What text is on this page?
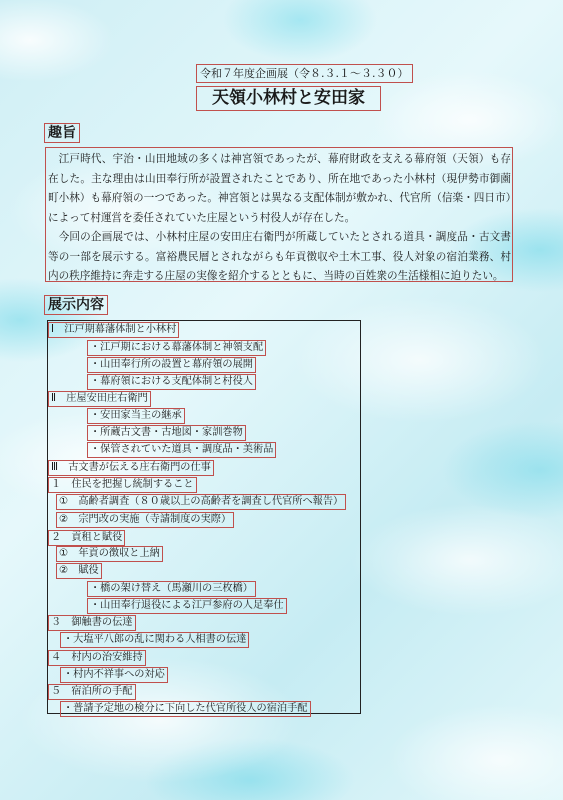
令和７年度企画展（令８.３.１～３.３０）
天領小林村と安田家
趣旨

江戸時代、宇治・山田地域の多くは神宮領であったが、幕府財政を支える幕府領（天領）も存在した。主な理由は山田奉行所が設置されたことであり、所在地であった小林村（現伊勢市御薗町小林）も幕府領の一つであった。神宮領とは異なる支配体制が敷かれ、代官所（信楽・四日市）によって村運営を委任されていた庄屋という村役人が存在した。

今回の企画展では、小林村庄屋の安田庄右衛門が所蔵していたとされる道具・調度品・古文書等の一部を展示する。富裕農民層とされながらも年貢徴収や土木工事、役人対象の宿泊業務、村内の秩序維持に奔走する庄屋の実像を紹介するとともに、当時の百姓衆の生活様相に迫りたい。

展示内容
Ⅰ　江戸期幕藩体制と小林村
・江戸期における幕藩体制と神領支配
・山田奉行所の設置と幕府領の展開
・幕府領における支配体制と村役人
Ⅱ　庄屋安田庄右衛門
・安田家当主の継承
・所蔵古文書・古地図・家訓巻物
・保管されていた道具・調度品・美術品
Ⅲ　古文書が伝える庄右衛門の仕事
１　住民を把握し統制すること
①　高齢者調査（８０歳以上の高齢者を調査し代官所へ報告）
②　宗門改の実施（寺請制度の実際）
２　貢租と賦役
①　年貢の徴収と上納
②　賦役
・橋の架け替え（馬瀬川の三枚橋）
・山田奉行退役による江戸参府の人足奉仕
３　御触書の伝達
・大塩平八郎の乱に関わる人相書の伝達
４　村内の治安維持
・村内不祥事への対応
５　宿泊所の手配
・普請予定地の検分に下向した代官所役人の宿泊手配
